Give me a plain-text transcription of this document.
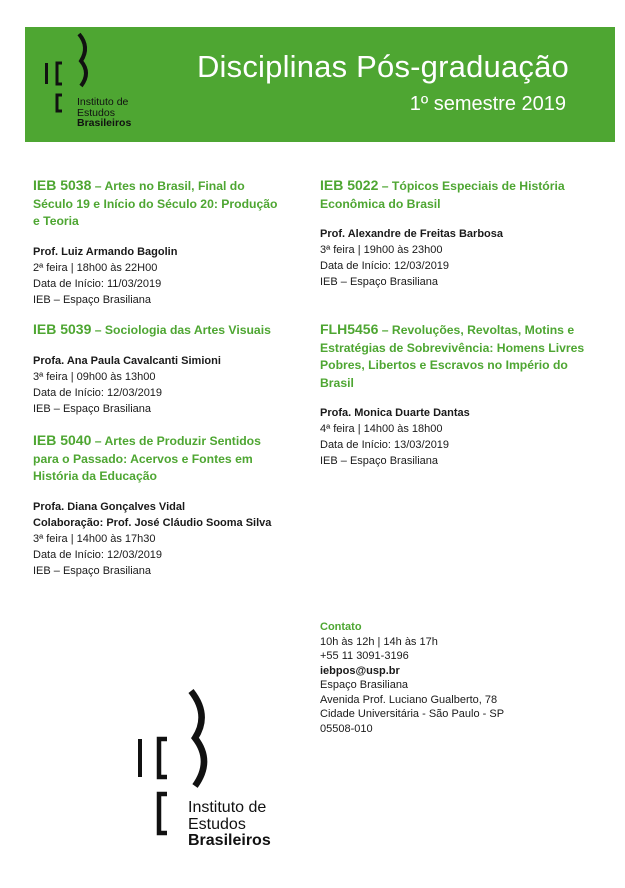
Instituto de
Estudos
Brasileiros
Disciplinas Pós-graduação
1º semestre 2019
IEB 5038 – Artes no Brasil, Final do Século 19 e Início do Século 20: Produção e Teoria
Prof. Luiz Armando Bagolin
2ª feira | 18h00 às 22H00
Data de Início: 11/03/2019
IEB – Espaço Brasiliana
IEB 5039 – Sociologia das Artes Visuais
Profa. Ana Paula Cavalcanti Simioni
3ª feira | 09h00 às 13h00
Data de Início: 12/03/2019
IEB – Espaço Brasiliana
IEB 5040 – Artes de Produzir Sentidos para o Passado: Acervos e Fontes em História da Educação
Profa. Diana Gonçalves Vidal
Colaboração: Prof. José Cláudio Sooma Silva
3ª feira | 14h00 às 17h30
Data de Início: 12/03/2019
IEB – Espaço Brasiliana
IEB 5022 – Tópicos Especiais de História Econômica do Brasil
Prof. Alexandre de Freitas Barbosa
3ª feira | 19h00 às 23h00
Data de Início: 12/03/2019
IEB – Espaço Brasiliana
FLH5456 – Revoluções, Revoltas, Motins e Estratégias de Sobrevivência: Homens Livres Pobres, Libertos e Escravos no Império do Brasil
Profa. Monica Duarte Dantas
4ª feira | 14h00 às 18h00
Data de Início: 13/03/2019
IEB – Espaço Brasiliana
Contato
10h às 12h | 14h às 17h
+55 11 3091-3196
iebpos@usp.br
Espaço Brasiliana
Avenida Prof. Luciano Gualberto, 78
Cidade Universitária - São Paulo - SP
05508-010
Instituto de
Estudos
Brasileiros
